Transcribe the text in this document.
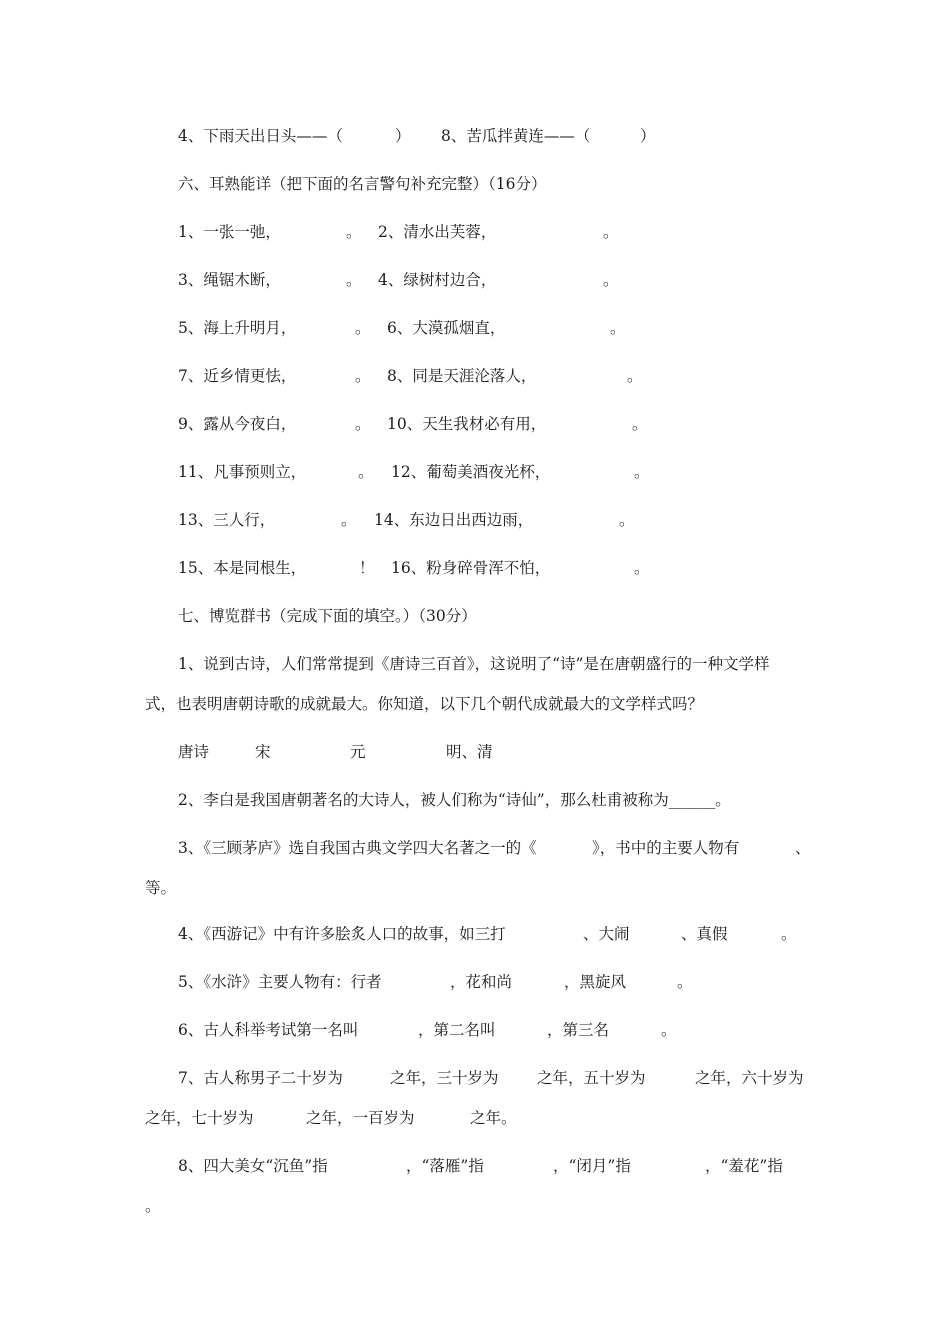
4、下雨天出日头——（	） 8、苦瓜拌黄连——（	）
六、耳熟能详（把下面的名言警句补充完整）（16分）
1、一张一弛，	。 2、清水出芙蓉，	。
3、绳锯木断，	。 4、绿树村边合，	。
5、海上升明月，	。 6、大漠孤烟直，	。
7、近乡情更怯，	。 8、同是天涯沦落人，	。
9、露从今夜白，	。 10、天生我材必有用，	。
11、凡事预则立，	。 12、葡萄美酒夜光杯，	。
13、三人行，	。 14、东边日出西边雨，	。
15、本是同根生，	！ 16、粉身碎骨浑不怕，	。
七、博览群书（完成下面的填空。）（30分）
1、说到古诗，人们常常提到《唐诗三百首》，这说明了“诗”是在唐朝盛行的一种文学样
式，也表明唐朝诗歌的成就最大。你知道，以下几个朝代成就最大的文学样式吗？
唐诗	宋	元	明、清
2、李白是我国唐朝著名的大诗人，被人们称为“诗仙”，那么杜甫被称为______。
3、《三顾茅庐》选自我国古典文学四大名著之一的《	》，书中的主要人物有	、
等。
4、《西游记》中有许多脍炙人口的故事，如三打	、大闹	、真假	。
5、《水浒》主要人物有：行者	，花和尚	，黑旋风	。
6、古人科举考试第一名叫	，第二名叫	，第三名	。
7、古人称男子二十岁为	之年，三十岁为 之年，五十岁为	之年，六十岁为
之年，七十岁为	之年，一百岁为	之年。
8、四大美女“沉鱼”指	，“落雁”指	，“闭月”指	，“羞花”指
。
